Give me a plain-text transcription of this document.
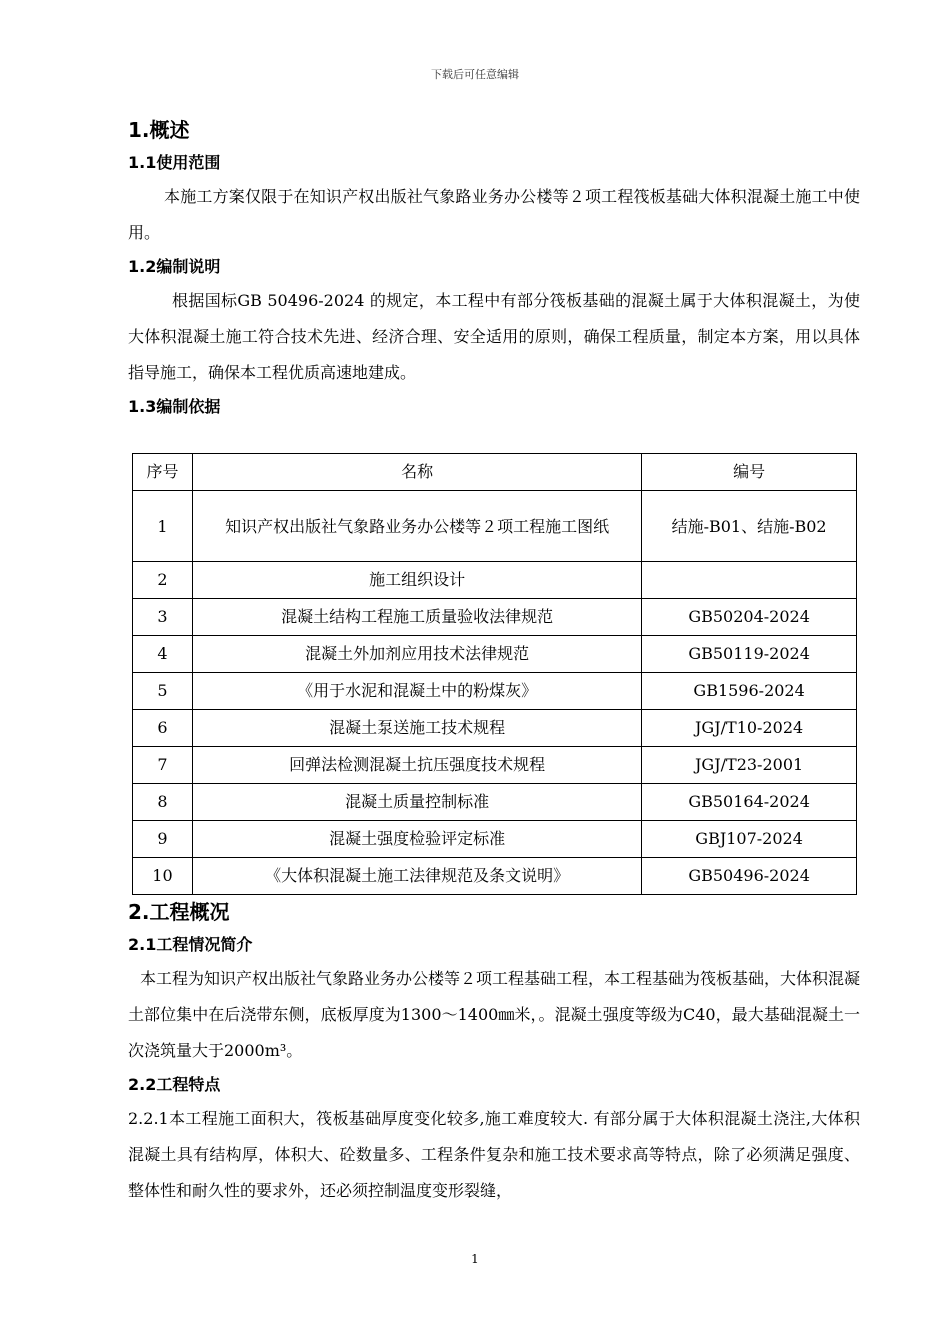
下载后可任意编辑

1.概述

1.1使用范围

本施工方案仅限于在知识产权出版社气象路业务办公楼等２项工程筏板基础大体积混凝土施工中使用。

1.2编制说明

根据国标GB 50496-2024 的规定，本工程中有部分筏板基础的混凝土属于大体积混凝土，为使大体积混凝土施工符合技术先进、经济合理、安全适用的原则，确保工程质量，制定本方案，用以具体指导施工，确保本工程优质高速地建成。

1.3编制依据

序号	名称	编号
1	知识产权出版社气象路业务办公楼等２项工程施工图纸	结施-B01、结施-B02
2	施工组织设计	
3	混凝土结构工程施工质量验收法律规范	GB50204-2024
4	混凝土外加剂应用技术法律规范	GB50119-2024
5	《用于水泥和混凝土中的粉煤灰》	GB1596-2024
6	混凝土泵送施工技术规程	JGJ/T10-2024
7	回弹法检测混凝土抗压强度技术规程	JGJ/T23-2001
8	混凝土质量控制标准	GB50164-2024
9	混凝土强度检验评定标准	GBJ107-2024
10	《大体积混凝土施工法律规范及条文说明》	GB50496-2024

2.工程概况

2.1工程情况简介

本工程为知识产权出版社气象路业务办公楼等２项工程基础工程，本工程基础为筏板基础，大体积混凝土部位集中在后浇带东侧，底板厚度为1300～1400㎜米，。混凝土强度等级为C40，最大基础混凝土一次浇筑量大于2000m³。

2.2工程特点

2.2.1本工程施工面积大，筏板基础厚度变化较多,施工难度较大. 有部分属于大体积混凝土浇注,大体积混凝土具有结构厚，体积大、砼数量多、工程条件复杂和施工技术要求高等特点，除了必须满足强度、整体性和耐久性的要求外，还必须控制温度变形裂缝，

1
